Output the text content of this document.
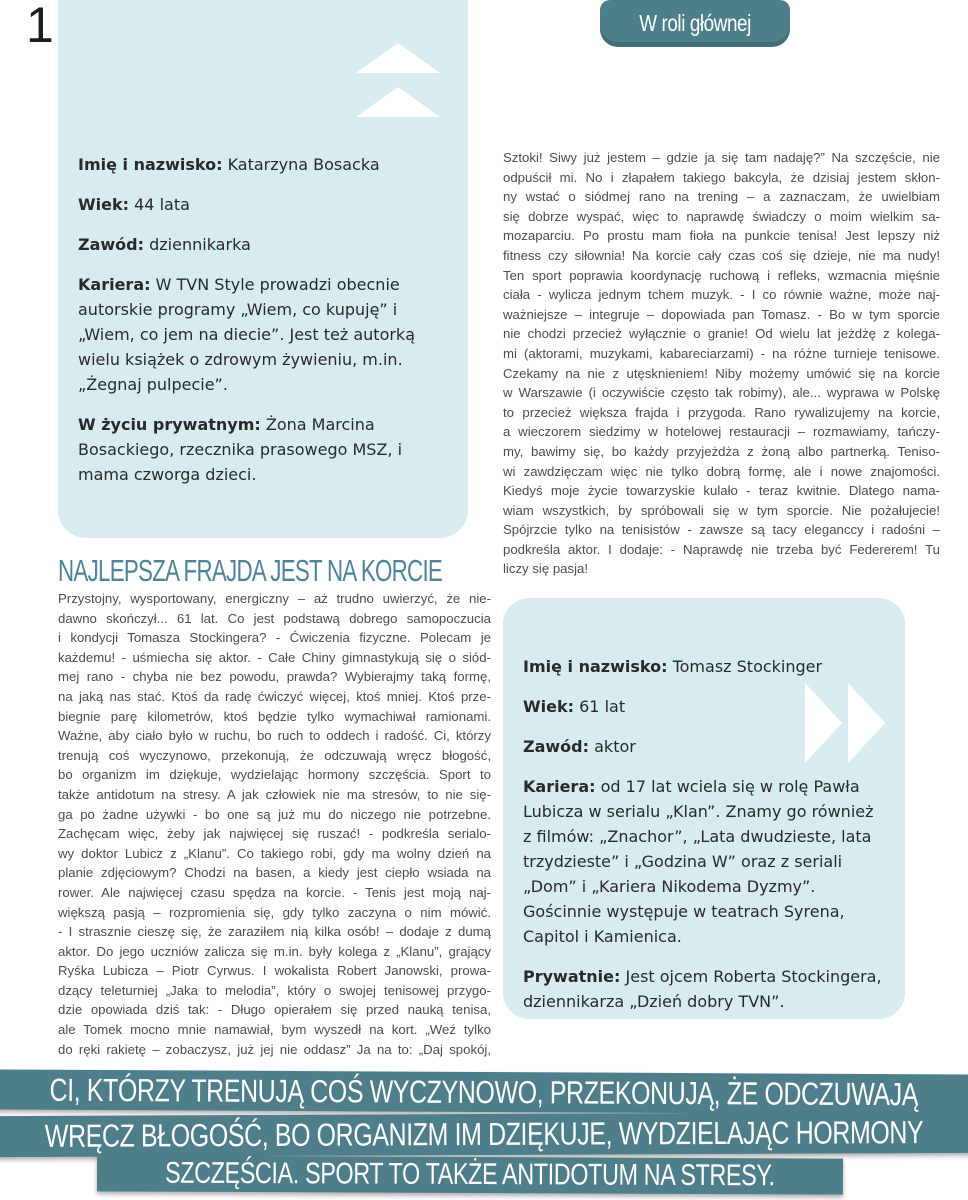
1	W roli głównej

Imię i nazwisko: Katarzyna Bosacka

Wiek: 44 lata

Zawód: dziennikarka

Kariera: W TVN Style prowadzi obecnie autorskie programy „Wiem, co kupuję” i „Wiem, co jem na diecie”. Jest też autorką wielu książek o zdrowym żywieniu, m.in. „Żegnaj pulpecie”.

W życiu prywatnym: Żona Marcina Bosackiego, rzecznika prasowego MSZ, i mama czworga dzieci.

Sztoki! Siwy już jestem – gdzie ja się tam nadaję?” Na szczęście, nie
odpuścił mi. No i złapałem takiego bakcyla, że dzisiaj jestem skłon-
ny wstać o siódmej rano na trening – a zaznaczam, że uwielbiam
się dobrze wyspać, więc to naprawdę świadczy o moim wielkim sa-
mozaparciu. Po prostu mam fioła na punkcie tenisa! Jest lepszy niż
fitness czy siłownia! Na korcie cały czas coś się dzieje, nie ma nudy!
Ten sport poprawia koordynację ruchową i refleks, wzmacnia mięśnie
ciała - wylicza jednym tchem muzyk. - I co równie ważne, może naj-
ważniejsze – integruje – dopowiada pan Tomasz. - Bo w tym sporcie
nie chodzi przecież wyłącznie o granie! Od wielu lat jeżdżę z kolega-
mi (aktorami, muzykami, kabareciarzami) - na różne turnieje tenisowe.
Czekamy na nie z utęsknieniem! Niby możemy umówić się na korcie
w Warszawie (i oczywiście często tak robimy), ale... wyprawa w Polskę
to przecież większa frajda i przygoda. Rano rywalizujemy na korcie,
a wieczorem siedzimy w hotelowej restauracji – rozmawiamy, tańczy-
my, bawimy się, bo każdy przyjeżdża z żoną albo partnerką. Teniso-
wi zawdzięczam więc nie tylko dobrą formę, ale i nowe znajomości.
Kiedyś moje życie towarzyskie kulało - teraz kwitnie. Dlatego nama-
wiam wszystkich, by spróbowali się w tym sporcie. Nie pożałujecie!
Spójrzcie tylko na tenisistów - zawsze są tacy eleganccy i radośni –
podkreśla aktor. I dodaje: - Naprawdę nie trzeba być Federerem! Tu
liczy się pasja!
NAJLEPSZA FRAJDA JEST NA KORCIE
Przystojny, wysportowany, energiczny – aż trudno uwierzyć, że nie-
dawno skończył... 61 lat. Co jest podstawą dobrego samopoczucia
i kondycji Tomasza Stockingera? - Ćwiczenia fizyczne. Polecam je
każdemu! - uśmiecha się aktor. - Całe Chiny gimnastykują się o siód-
mej rano - chyba nie bez powodu, prawda? Wybierajmy taką formę,
na jaką nas stać. Ktoś da radę ćwiczyć więcej, ktoś mniej. Ktoś prze-
biegnie parę kilometrów, ktoś będzie tylko wymachiwał ramionami.
Ważne, aby ciało było w ruchu, bo ruch to oddech i radość. Ci, którzy
trenują coś wyczynowo, przekonują, że odczuwają wręcz błogość,
bo organizm im dziękuje, wydzielając hormony szczęścia. Sport to
także antidotum na stresy. A jak człowiek nie ma stresów, to nie się-
ga po żadne używki - bo one są już mu do niczego nie potrzebne.
Zachęcam więc, żeby jak najwięcej się ruszać! - podkreśla serialo-
wy doktor Lubicz z „Klanu”. Co takiego robi, gdy ma wolny dzień na
planie zdjęciowym? Chodzi na basen, a kiedy jest ciepło wsiada na
rower. Ale najwięcej czasu spędza na korcie. - Tenis jest moją naj-
większą pasją – rozpromienia się, gdy tylko zaczyna o nim mówić.
- I strasznie cieszę się, że zaraziłem nią kilka osób! – dodaje z dumą
aktor. Do jego uczniów zalicza się m.in. były kolega z „Klanu”, grający
Ryśka Lubicza – Piotr Cyrwus. I wokalista Robert Janowski, prowa-
dzący teleturniej „Jaka to melodia”, który o swojej tenisowej przygo-
dzie opowiada dziś tak: - Długo opierałem się przed nauką tenisa,
ale Tomek mocno mnie namawiał, bym wyszedł na kort. „Weź tylko
do ręki rakietę – zobaczysz, już jej nie oddasz” Ja na to: „Daj spokój,

Imię i nazwisko: Tomasz Stockinger

Wiek: 61 lat

Zawód: aktor

Kariera: od 17 lat wciela się w rolę Pawła Lubicza w serialu „Klan”. Znamy go również z filmów: „Znachor”, „Lata dwudzieste, lata trzydzieste” i „Godzina W” oraz z seriali „Dom” i „Kariera Nikodema Dyzmy”. Gościnnie występuje w teatrach Syrena, Capitol i Kamienica.

Prywatnie: Jest ojcem Roberta Stockingera, dziennikarza „Dzień dobry TVN”.

CI, KTÓRZY TRENUJĄ COŚ WYCZYNOWO, PRZEKONUJĄ, ŻE ODCZUWAJĄ
WRĘCZ BŁOGOŚĆ, BO ORGANIZM IM DZIĘKUJE, WYDZIELAJĄC HORMONY
SZCZĘŚCIA. SPORT TO TAKŻE ANTIDOTUM NA STRESY.
